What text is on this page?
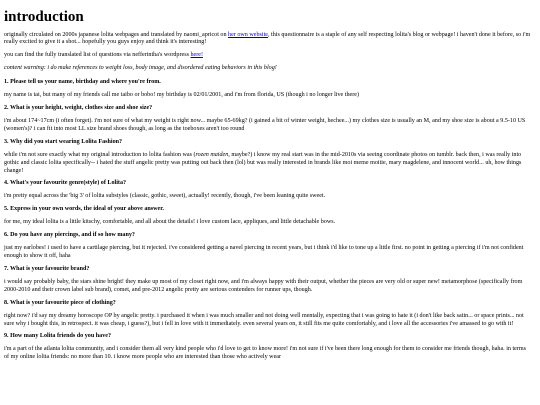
introduction

originally circulated on 2000s japanese lolita webpages and translated by naomi_apricot on her own website, this questionnaire is a staple of any self respecting lolita's blog or webpage! i haven't done it before, so i'm really excited to give it a shot... hopefully you guys enjoy and think it's interesting!

you can find the fully translated list of questions via nefferintha's wordpress here!

content warning: i do make references to weight loss, body image, and disordered eating behaviors in this blog!

1. Please tell us your name, birthday and where you're from.

my name is tai, but many of my friends call me taibo or bobo! my birthday is 02/01/2001, and i'm from florida, US (though i no longer live there)

2. What is your height, weight, clothes size and shoe size?

i'm about 174~17cm (i often forget). i'm not sure of what my weight is right now... maybe 65-69kg? (i gained a bit of winter weight, hechee...) my clothes size is usually an M, and my shoe size is about a 9.5-10 US (women's)? i can fit into most LL size brand shoes though, as long as the toeboxes aren't too round

3. Why did you start wearing Lolita Fashion?

while i'm not sure exactly what my original introduction to lolita fashion was (rozen maiden, maybe?) i know my real start was in the mid-2010s via seeing coordinate photos on tumblr. back then, i was really into gothic and classic lolita specifically-- i hated the stuff angelic pretty was putting out back then (lol) but was really interested in brands like moi meme moitie, mary magdelene, and innocent world... uh, how things change!

4. What's your favourite genre(style) of Lolita?

i'm pretty equal across the 'big 3' of lolita substyles (classic, gothic, sweet), actually! recently, though, i've been leaning quite sweet.

5. Express in your own words, the ideal of your above answer.

for me, my ideal lolita is a little kitschy, comfortable, and all about the details! i love custom lace, appliques, and little detachable bows.

6. Do you have any piercings, and if so how many?

just my earlobes! i used to have a cartilage piercing, but it rejected. i've considered getting a navel piercing in recent years, but i think i'd like to tone up a little first. no point in getting a piercing if i'm not confident enough to show it off, haha

7. What is your favourite brand?

i would say probably baby, the stars shine bright! they make up most of my closet right now, and i'm always happy with their output, whether the pieces are very old or super new! metamorphose (specifically from 2000-2010 and their crown label sub brand), comet, and pre-2012 angelic pretty are serious contenders for runner ups, though.

8. What is your favourite piece of clothing?

right now? i'd say my dreamy horoscope OP by angelic pretty. i purchased it when i was much smaller and not doing well mentally, expecting that i was going to hate it (i don't like back satin... or space prints... not sure why i bought this, in retrospect. it was cheap, i guess?), but i fell in love with it immediately. even several years on, it still fits me quite comfortably, and i love all the accessories i've amassed to go with it!

9. How many Lolita friends do you have?

i'm a part of the atlanta lolita community, and i consider them all very kind people who i'd love to get to know more! i'm not sure if i've been there long enough for them to consider me friends though, haha. in terms of my online lolita friends: no more than 10. i know more people who are interested than those who actively wear
